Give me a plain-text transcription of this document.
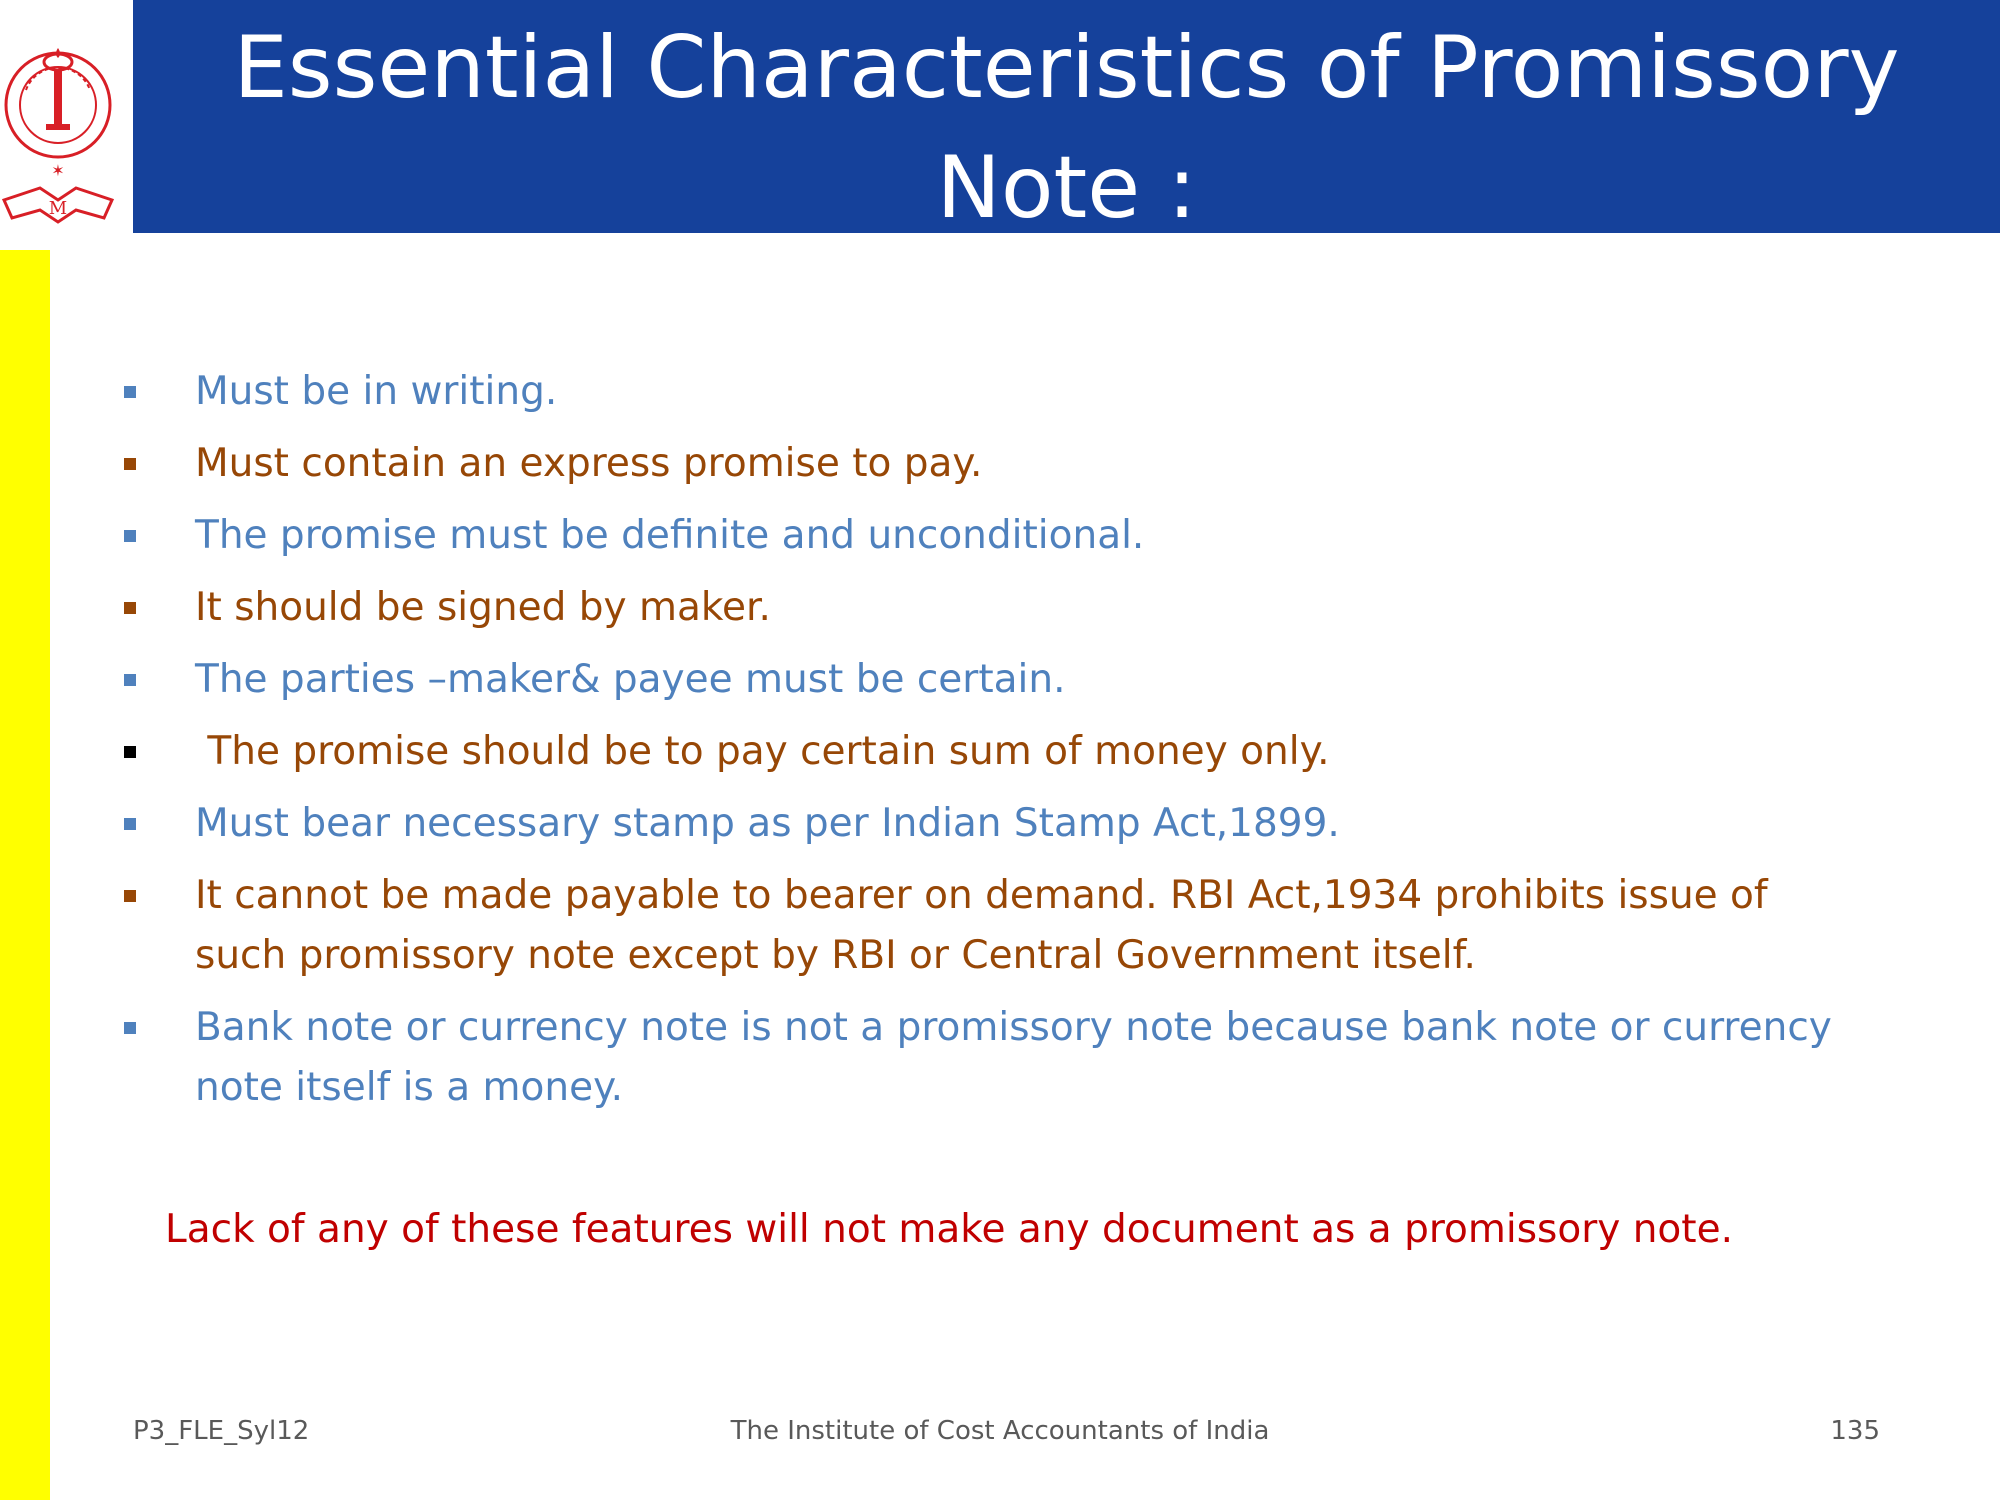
M
✶
Essential Characteristics of Promissory
Note :
Must be in writing.
Must contain an express promise to pay.
The promise must be definite and unconditional.
It should be signed by maker.
The parties –maker& payee must be certain.
The promise should be to pay certain sum of money only.
Must bear necessary stamp as per Indian Stamp Act,1899.
It cannot be made payable to bearer on demand. RBI Act,1934 prohibits issue of such promissory note except by RBI or Central Government itself.
Bank note or currency note is not a promissory note because bank note or currency note itself is a money.
Lack of any of these features will not make any document as a promissory note.
P3_FLE_Syl12	The Institute of Cost Accountants of India	135
